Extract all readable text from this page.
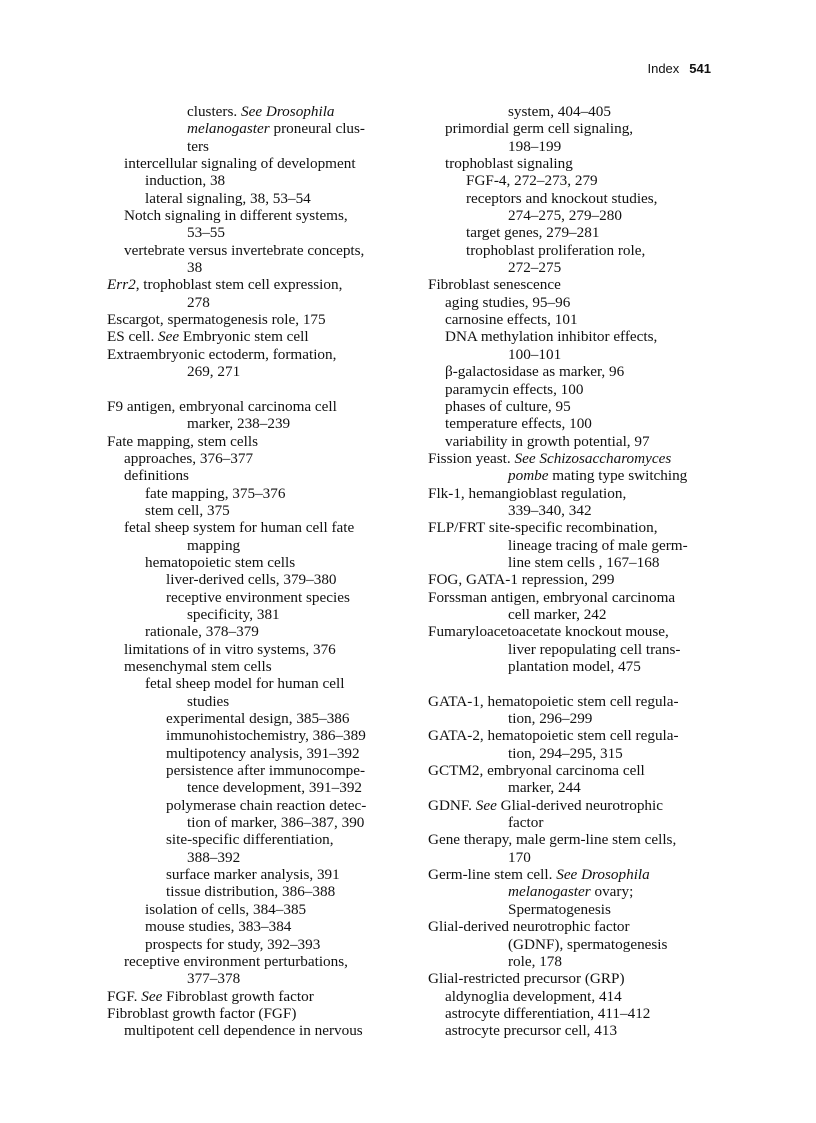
Index 541
clusters. See Drosophila
melanogaster proneural clus-
ters
intercellular signaling of development
induction, 38
lateral signaling, 38, 53–54
Notch signaling in different systems,
53–55
vertebrate versus invertebrate concepts,
38
Err2, trophoblast stem cell expression,
278
Escargot, spermatogenesis role, 175
ES cell. See Embryonic stem cell
Extraembryonic ectoderm, formation,
269, 271
F9 antigen, embryonal carcinoma cell
marker, 238–239
Fate mapping, stem cells
approaches, 376–377
definitions
fate mapping, 375–376
stem cell, 375
fetal sheep system for human cell fate
mapping
hematopoietic stem cells
liver-derived cells, 379–380
receptive environment species
specificity, 381
rationale, 378–379
limitations of in vitro systems, 376
mesenchymal stem cells
fetal sheep model for human cell
studies
experimental design, 385–386
immunohistochemistry, 386–389
multipotency analysis, 391–392
persistence after immunocompe-
tence development, 391–392
polymerase chain reaction detec-
tion of marker, 386–387, 390
site-specific differentiation,
388–392
surface marker analysis, 391
tissue distribution, 386–388
isolation of cells, 384–385
mouse studies, 383–384
prospects for study, 392–393
receptive environment perturbations,
377–378
FGF. See Fibroblast growth factor
Fibroblast growth factor (FGF)
multipotent cell dependence in nervous
system, 404–405
primordial germ cell signaling,
198–199
trophoblast signaling
FGF-4, 272–273, 279
receptors and knockout studies,
274–275, 279–280
target genes, 279–281
trophoblast proliferation role,
272–275
Fibroblast senescence
aging studies, 95–96
carnosine effects, 101
DNA methylation inhibitor effects,
100–101
β-galactosidase as marker, 96
paramycin effects, 100
phases of culture, 95
temperature effects, 100
variability in growth potential, 97
Fission yeast. See Schizosaccharomyces
pombe mating type switching
Flk-1, hemangioblast regulation,
339–340, 342
FLP/FRT site-specific recombination,
lineage tracing of male germ-
line stem cells , 167–168
FOG, GATA-1 repression, 299
Forssman antigen, embryonal carcinoma
cell marker, 242
Fumaryloacetoacetate knockout mouse,
liver repopulating cell trans-
plantation model, 475
GATA-1, hematopoietic stem cell regula-
tion, 296–299
GATA-2, hematopoietic stem cell regula-
tion, 294–295, 315
GCTM2, embryonal carcinoma cell
marker, 244
GDNF. See Glial-derived neurotrophic
factor
Gene therapy, male germ-line stem cells,
170
Germ-line stem cell. See Drosophila
melanogaster ovary;
Spermatogenesis
Glial-derived neurotrophic factor
(GDNF), spermatogenesis
role, 178
Glial-restricted precursor (GRP)
aldynoglia development, 414
astrocyte differentiation, 411–412
astrocyte precursor cell, 413
